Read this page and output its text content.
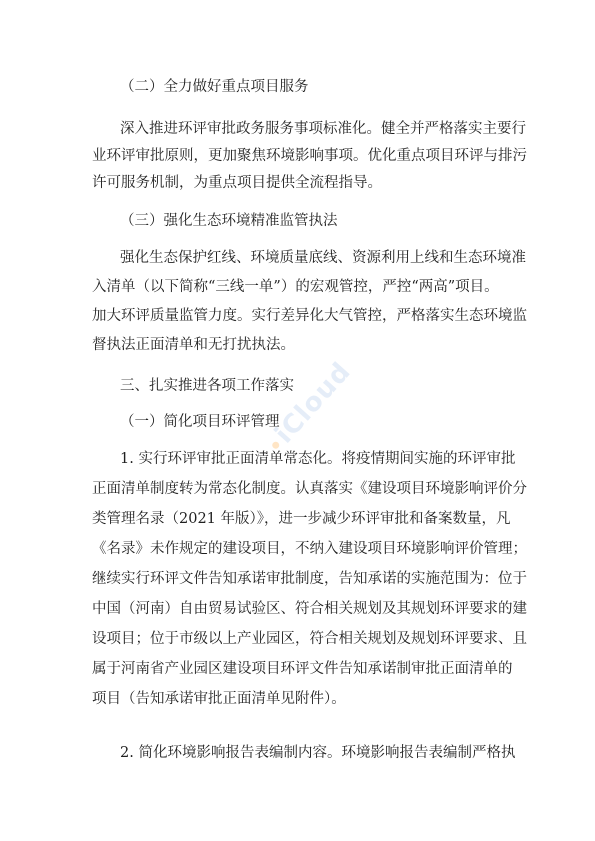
（二）全力做好重点项目服务
深入推进环评审批政务服务事项标准化。健全并严格落实主要行
业环评审批原则，更加聚焦环境影响事项。优化重点项目环评与排污
许可服务机制，为重点项目提供全流程指导。
（三）强化生态环境精准监管执法
强化生态保护红线、环境质量底线、资源利用上线和生态环境准
入清单（以下简称“三线一单”）的宏观管控，严控“两高”项目。
加大环评质量监管力度。实行差异化大气管控，严格落实生态环境监
督执法正面清单和无打扰执法。
三、扎实推进各项工作落实
（一）简化项目环评管理
1. 实行环评审批正面清单常态化。将疫情期间实施的环评审批
正面清单制度转为常态化制度。认真落实《建设项目环境影响评价分
类管理名录（2021 年版）》，进一步减少环评审批和备案数量，凡
《名录》未作规定的建设项目，不纳入建设项目环境影响评价管理；
继续实行环评文件告知承诺审批制度，告知承诺的实施范围为：位于
中国（河南）自由贸易试验区、符合相关规划及其规划环评要求的建
设项目；位于市级以上产业园区，符合相关规划及规划环评要求、且
属于河南省产业园区建设项目环评文件告知承诺制审批正面清单的
项目（告知承诺审批正面清单见附件）。
2. 简化环境影响报告表编制内容。环境影响报告表编制严格执
iCloud
